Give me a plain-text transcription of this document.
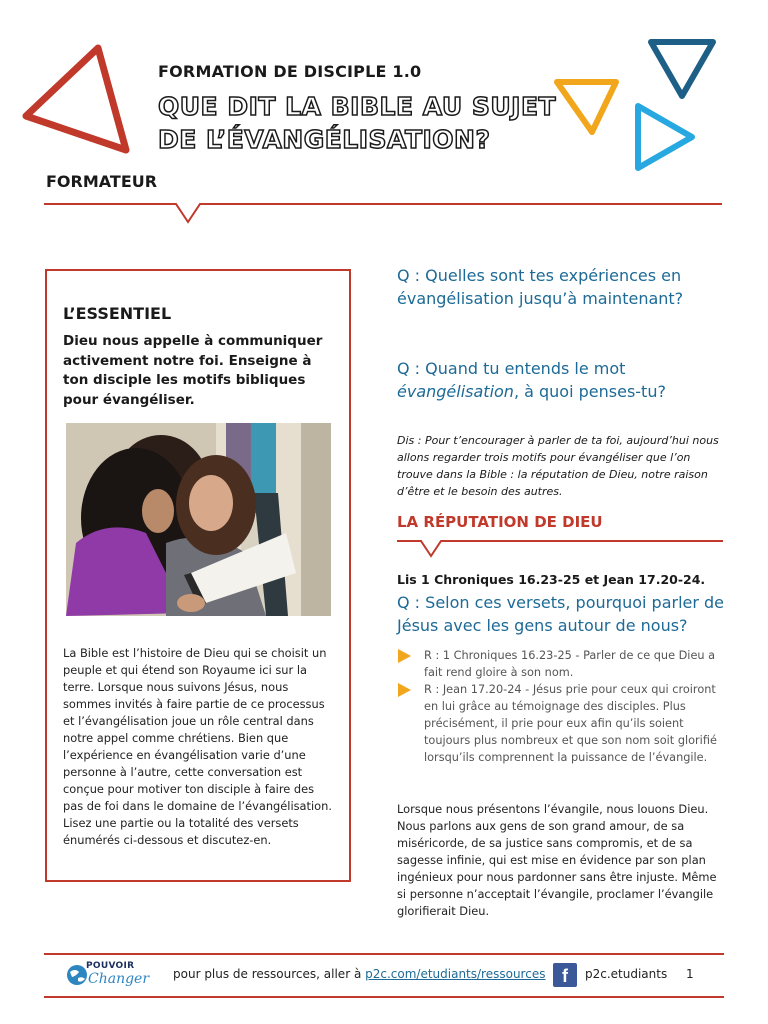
FORMATION DE DISCIPLE 1.0
QUE DIT LA BIBLE AU SUJET
DE L’ÉVANGÉLISATION?
FORMATEUR
L’ESSENTIEL
Dieu nous appelle à communiquer activement notre foi. Enseigne à ton disciple les motifs bibliques pour évangéliser.
La Bible est l’histoire de Dieu qui se choisit un peuple et qui étend son Royaume ici sur la terre. Lorsque nous suivons Jésus, nous sommes invités à faire partie de ce processus et l’évangélisation joue un rôle central dans notre appel comme chrétiens. Bien que l’expérience en évangélisation varie d’une personne à l’autre, cette conversation est conçue pour motiver ton disciple à faire des pas de foi dans le domaine de l’évangélisation. Lisez une partie ou la totalité des versets énumérés ci-dessous et discutez-en.
Q : Quelles sont tes expériences en évangélisation jusqu’à maintenant?
Q : Quand tu entends le mot évangélisation, à quoi penses-tu?
Dis : Pour t’encourager à parler de ta foi, aujourd’hui nous allons regarder trois motifs pour évangéliser que l’on trouve dans la Bible : la réputation de Dieu, notre raison d’être et le besoin des autres.
LA RÉPUTATION DE DIEU
Lis 1 Chroniques 16.23-25 et Jean 17.20-24.
Q : Selon ces versets, pourquoi parler de Jésus avec les gens autour de nous?
R : 1 Chroniques 16.23-25 - Parler de ce que Dieu a fait rend gloire à son nom.
R : Jean 17.20-24 - Jésus prie pour ceux qui croiront en lui grâce au témoignage des disciples. Plus précisément, il prie pour eux afin qu’ils soient toujours plus nombreux et que son nom soit glorifié lorsqu’ils comprennent la puissance de l’évangile.
Lorsque nous présentons l’évangile, nous louons Dieu. Nous parlons aux gens de son grand amour, de sa miséricorde, de sa justice sans compromis, et de sa sagesse infinie, qui est mise en évidence par son plan ingénieux pour nous pardonner sans être injuste. Même si personne n’acceptait l’évangile, proclamer l’évangile glorifierait Dieu.
POUVOIR
Changer pour plus de ressources, aller à p2c.com/etudiants/ressources f	p2c.etudiants 1
